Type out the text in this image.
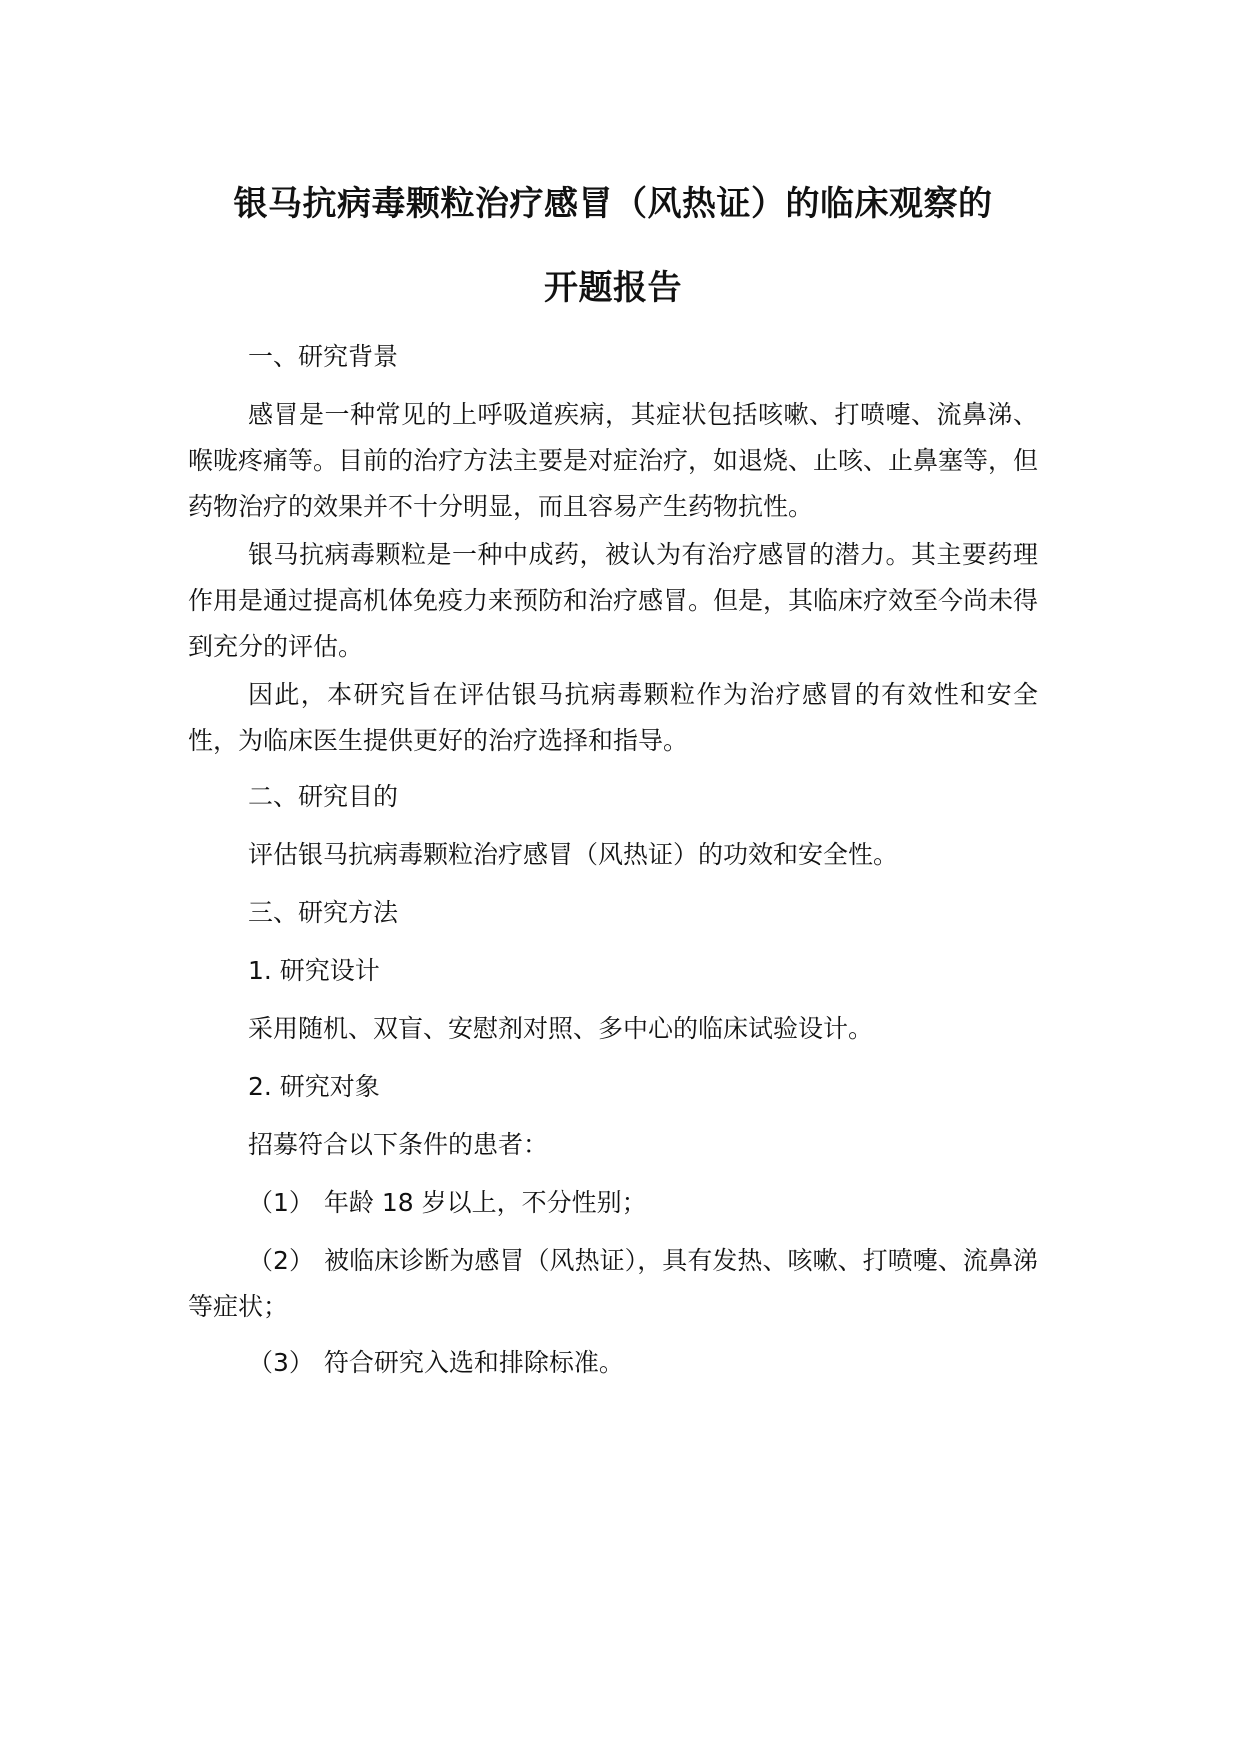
银马抗病毒颗粒治疗感冒（风热证）的临床观察的
开题报告

一、研究背景

感冒是一种常见的上呼吸道疾病，其症状包括咳嗽、打喷嚏、流鼻涕、喉咙疼痛等。目前的治疗方法主要是对症治疗，如退烧、止咳、止鼻塞等，但药物治疗的效果并不十分明显，而且容易产生药物抗性。

银马抗病毒颗粒是一种中成药，被认为有治疗感冒的潜力。其主要药理作用是通过提高机体免疫力来预防和治疗感冒。但是，其临床疗效至今尚未得到充分的评估。

因此，本研究旨在评估银马抗病毒颗粒作为治疗感冒的有效性和安全性，为临床医生提供更好的治疗选择和指导。

二、研究目的

评估银马抗病毒颗粒治疗感冒（风热证）的功效和安全性。

三、研究方法

1. 研究设计

采用随机、双盲、安慰剂对照、多中心的临床试验设计。

2. 研究对象

招募符合以下条件的患者：

（1） 年龄 18 岁以上，不分性别；

（2） 被临床诊断为感冒（风热证），具有发热、咳嗽、打喷嚏、流鼻涕等症状；

（3） 符合研究入选和排除标准。
